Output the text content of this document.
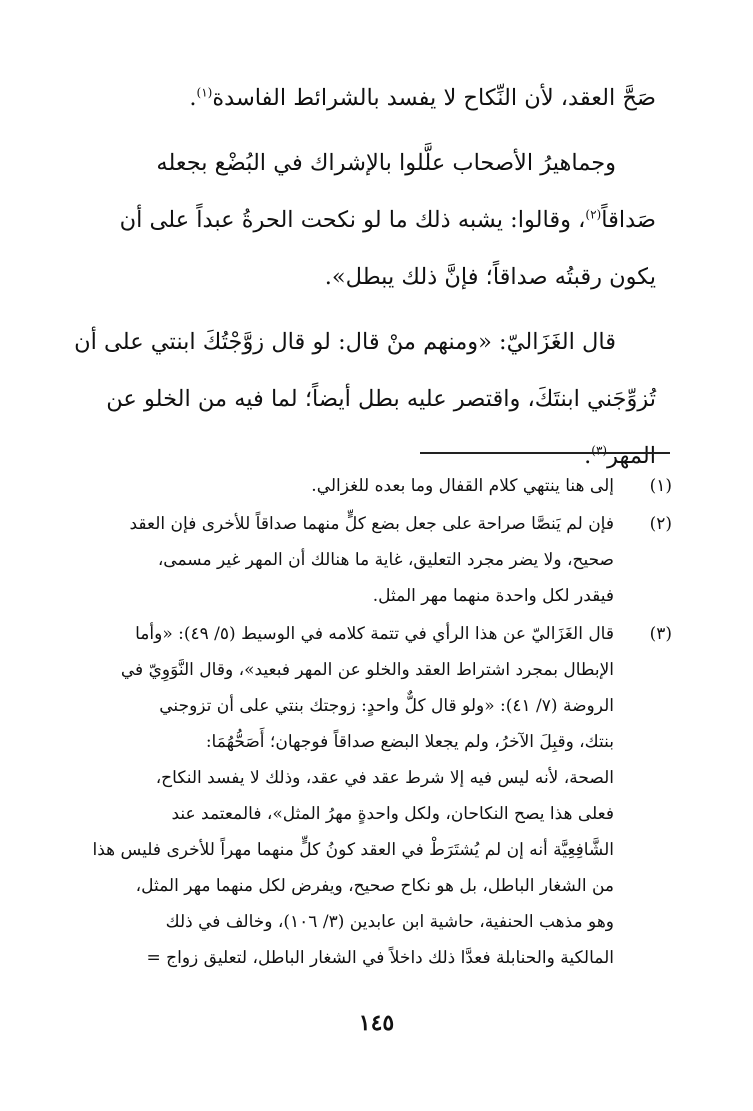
صَحَّ العقد، لأن النِّكاح لا يفسد بالشرائط الفاسدة$^{(١)}$.
وجماهيرُ الأصحاب علَّلوا بالإشراك في البُضْع بجعله
صَداقاً$^{(٢)}$، وقالوا: يشبه ذلك ما لو نكحت الحرةُ عبداً على أن
يكون رقبتُه صداقاً؛ فإنَّ ذلك يبطل».
قال الغَزَاليّ: «ومنهم منْ قال: لو قال زوَّجْتُكَ ابنتي على أن
تُزوِّجَني ابنتَكَ، واقتصر عليه بطل أيضاً؛ لما فيه من الخلو عن
المهر$^{(٣)}$.
(١)
إلى هنا ينتهي كلام القفال وما بعده للغزالي.
(٢)
فإن لم يَنصَّا صراحة على جعل بضع كلٍّ منهما صداقاً للأخرى فإن العقد
صحيح، ولا يضر مجرد التعليق، غاية ما هنالك أن المهر غير مسمى،
فيقدر لكل واحدة منهما مهر المثل.
(٣)
قال الغَزَاليّ عن هذا الرأي في تتمة كلامه في الوسيط (٥/ ٤٩): «وأما
الإبطال بمجرد اشتراط العقد والخلو عن المهر فبعيد»، وقال النَّوَوِيّ في
الروضة (٧/ ٤١): «ولو قال كلٌّ واحدٍ: زوجتك بنتي على أن تزوجني
بنتك، وقبِلَ الآخرُ، ولم يجعلا البضع صداقاً فوجهان؛ أَصَحُّهُمَا:
الصحة، لأنه ليس فيه إلا شرط عقد في عقد، وذلك لا يفسد النكاح،
فعلى هذا يصح النكاحان، ولكل واحدةٍ مهرُ المثل»، فالمعتمد عند
الشَّافِعِيَّة أنه إن لم يُشتَرَطْ في العقد كونُ كلٍّ منهما مهراً للأخرى فليس هذا
من الشغار الباطل، بل هو نكاح صحيح، ويفرض لكل منهما مهر المثل،
وهو مذهب الحنفية، حاشية ابن عابدين (٣/ ١٠٦)، وخالف في ذلك
المالكية والحنابلة فعدَّا ذلك داخلاً في الشغار الباطل، لتعليق زواج =
١٤٥
